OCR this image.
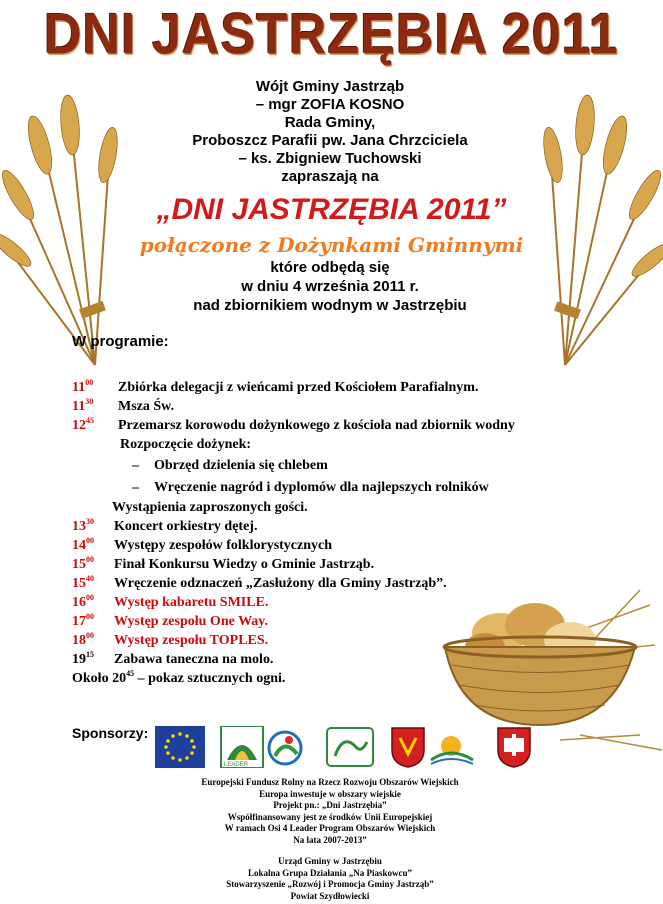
DNI JASTRZĘBIA 2011
Wójt Gminy Jastrząb
– mgr ZOFIA KOSNO
Rada Gminy,
Proboszcz Parafii pw. Jana Chrzciciela
– ks. Zbigniew Tuchowski
zapraszają na
„DNI JASTRZĘBIA 2011”
połączone z Dożynkami Gminnymi
które odbędą się
w dniu 4 września 2011 r.
nad zbiornikiem wodnym w Jastrzębiu
W programie:
$11^{00}$ Zbiórka delegacji z wieńcami przed Kościołem Parafialnym.
$11^{30}$ Msza Św.
$12^{45}$ Przemarsz korowodu dożynkowego z kościoła nad zbiornik wodny
Rozpoczęcie dożynek:
– Obrzęd dzielenia się chlebem
– Wręczenie nagród i dyplomów dla najlepszych rolników
Wystąpienia zaproszonych gości.
$13^{30}$ Koncert orkiestry dętej.
$14^{00}$ Występy zespołów folklorystycznych
$15^{00}$ Finał Konkursu Wiedzy o Gminie Jastrząb.
$15^{40}$ Wręczenie odznaczeń „Zasłużony dla Gminy Jastrząb”.
$16^{00}$ Występ kabaretu SMILE.
$17^{00}$ Występ zespołu One Way.
$18^{00}$ Występ zespołu TOPLES.
$19^{15}$ Zabawa taneczna na molo.
Około $20^{45}$ – pokaz sztucznych ogni.
Sponsorzy:
LEADER
Europejski Fundusz Rolny na Rzecz Rozwoju Obszarów Wiejskich
Europa inwestuje w obszary wiejskie
Projekt pn.: „Dni Jastrzębia”
Współfinansowany jest ze środków Unii Europejskiej
W ramach Osi 4 Leader Program Obszarów Wiejskich
Na lata 2007-2013”
Urząd Gminy w Jastrzębiu
Lokalna Grupa Działania „Na Piaskowcu”
Stowarzyszenie „Rozwój i Promocja Gminy Jastrząb”
Powiat Szydłowiecki
